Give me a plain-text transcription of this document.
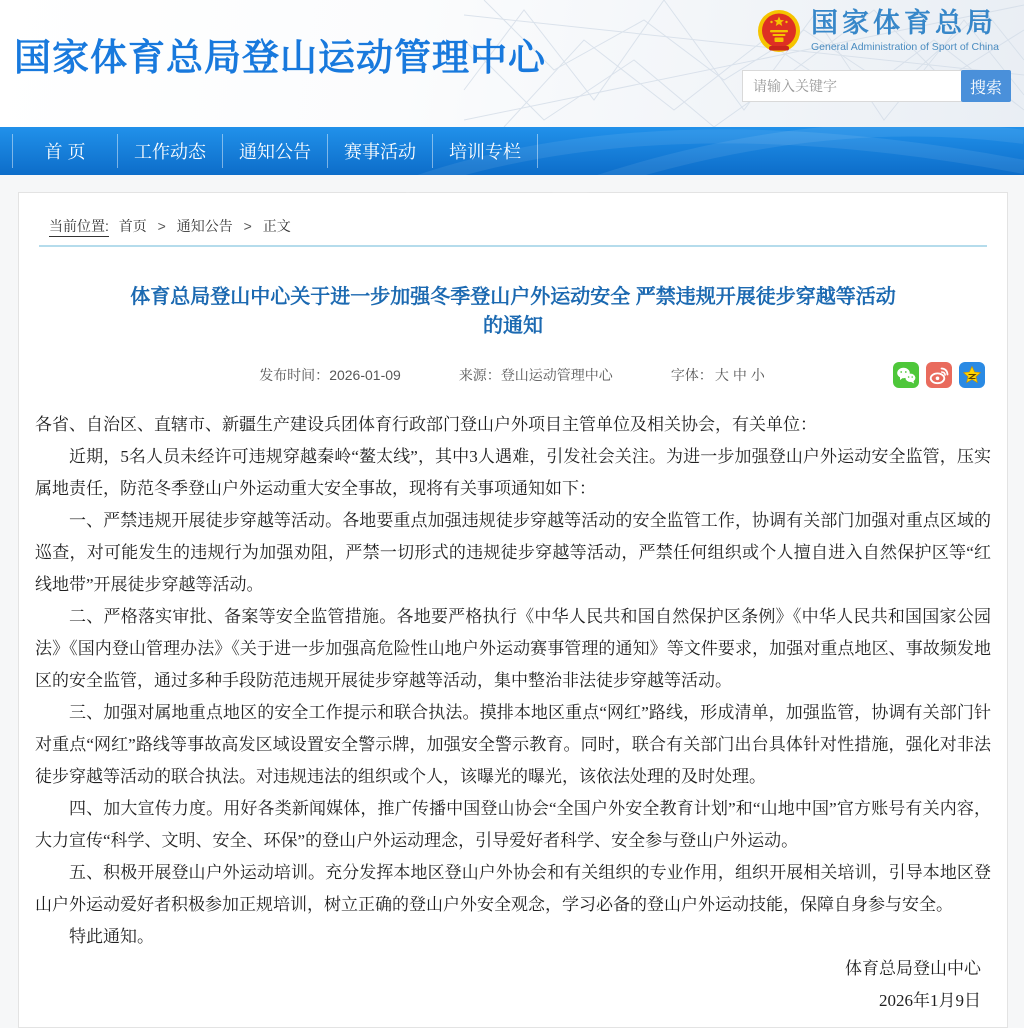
国家体育总局登山运动管理中心
国家体育总局
General Administration of Sport of China
请输入关键字
搜索
首 页	工作动态	通知公告	赛事活动	培训专栏
当前位置: 首页 > 通知公告 > 正文
体育总局登山中心关于进一步加强冬季登山户外运动安全 严禁违规开展徒步穿越等活动的通知
发布时间：2026-01-09	来源：登山运动管理中心	字体： 大 中 小

各省、自治区、直辖市、新疆生产建设兵团体育行政部门登山户外项目主管单位及相关协会，有关单位：

近期，5名人员未经许可违规穿越秦岭“鳌太线”，其中3人遇难，引发社会关注。为进一步加强登山户外运动安全监管，压实属地责任，防范冬季登山户外运动重大安全事故，现将有关事项通知如下：

一、严禁违规开展徒步穿越等活动。各地要重点加强违规徒步穿越等活动的安全监管工作，协调有关部门加强对重点区域的巡查，对可能发生的违规行为加强劝阻，严禁一切形式的违规徒步穿越等活动，严禁任何组织或个人擅自进入自然保护区等“红线地带”开展徒步穿越等活动。

二、严格落实审批、备案等安全监管措施。各地要严格执行《中华人民共和国自然保护区条例》《中华人民共和国国家公园法》《国内登山管理办法》《关于进一步加强高危险性山地户外运动赛事管理的通知》等文件要求，加强对重点地区、事故频发地区的安全监管，通过多种手段防范违规开展徒步穿越等活动，集中整治非法徒步穿越等活动。

三、加强对属地重点地区的安全工作提示和联合执法。摸排本地区重点“网红”路线，形成清单，加强监管，协调有关部门针对重点“网红”路线等事故高发区域设置安全警示牌，加强安全警示教育。同时，联合有关部门出台具体针对性措施，强化对非法徒步穿越等活动的联合执法。对违规违法的组织或个人，该曝光的曝光，该依法处理的及时处理。

四、加大宣传力度。用好各类新闻媒体，推广传播中国登山协会“全国户外安全教育计划”和“山地中国”官方账号有关内容，大力宣传“科学、文明、安全、环保”的登山户外运动理念，引导爱好者科学、安全参与登山户外运动。

五、积极开展登山户外运动培训。充分发挥本地区登山户外协会和有关组织的专业作用，组织开展相关培训，引导本地区登山户外运动爱好者积极参加正规培训，树立正确的登山户外安全观念，学习必备的登山户外运动技能，保障自身参与安全。

特此通知。

体育总局登山中心
2026年1月9日
